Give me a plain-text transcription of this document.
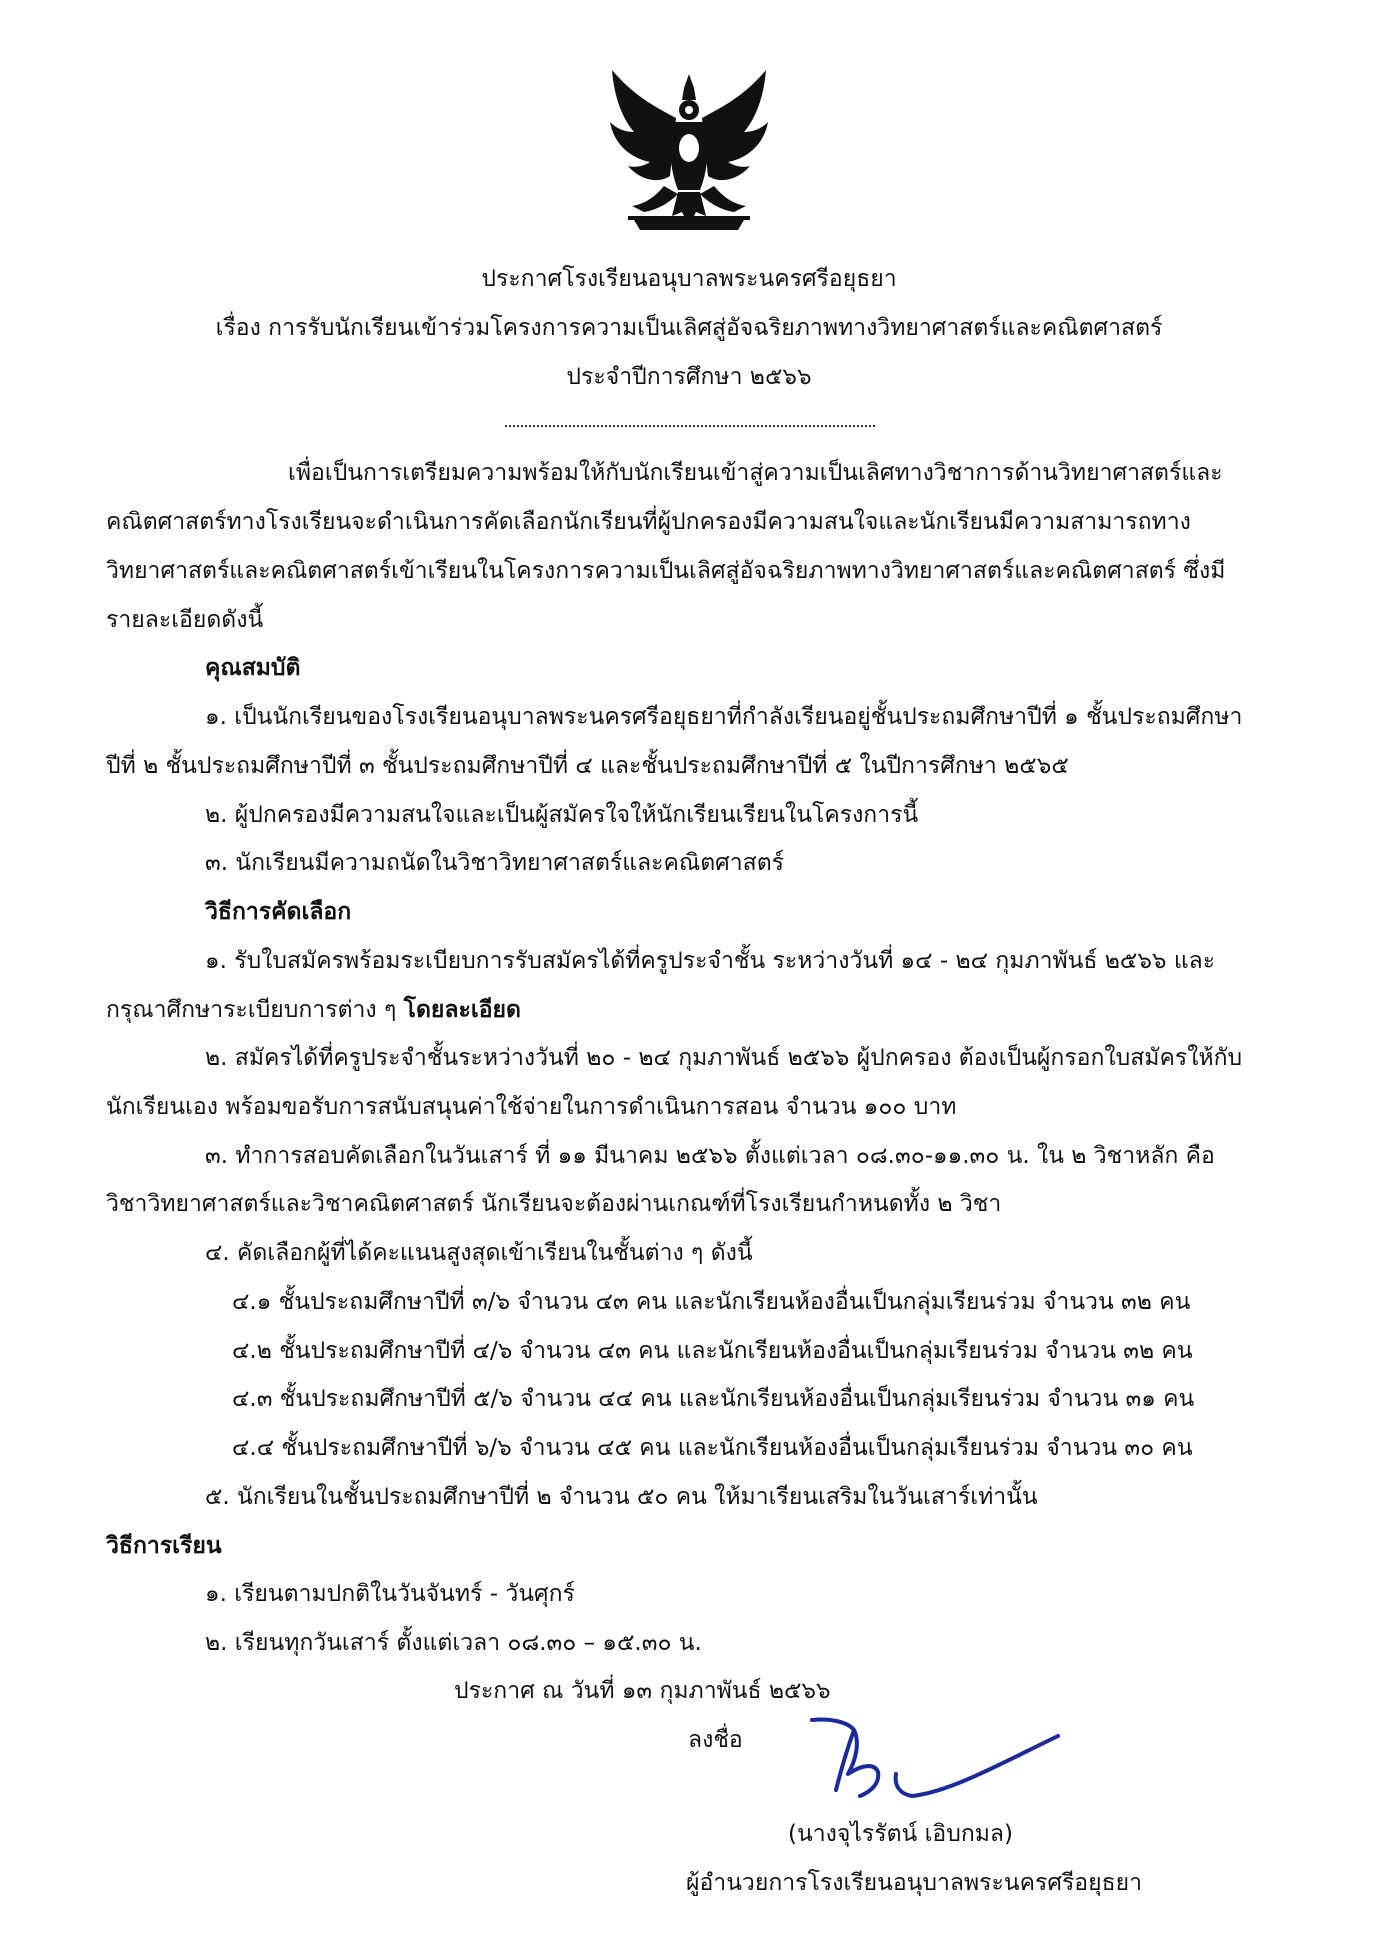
ประกาศโรงเรียนอนุบาลพระนครศรีอยุธยา
เรื่อง การรับนักเรียนเข้าร่วมโครงการความเป็นเลิศสู่อัจฉริยภาพทางวิทยาศาสตร์และคณิตศาสตร์
ประจำปีการศึกษา ๒๕๖๖
เพื่อเป็นการเตรียมความพร้อมให้กับนักเรียนเข้าสู่ความเป็นเลิศทางวิชาการด้านวิทยาศาสตร์และ
คณิตศาสตร์ทางโรงเรียนจะดำเนินการคัดเลือกนักเรียนที่ผู้ปกครองมีความสนใจและนักเรียนมีความสามารถทาง
วิทยาศาสตร์และคณิตศาสตร์เข้าเรียนในโครงการความเป็นเลิศสู่อัจฉริยภาพทางวิทยาศาสตร์และคณิตศาสตร์ ซึ่งมี
รายละเอียดดังนี้
คุณสมบัติ
๑. เป็นนักเรียนของโรงเรียนอนุบาลพระนครศรีอยุธยาที่กำลังเรียนอยู่ชั้นประถมศึกษาปีที่ ๑ ชั้นประถมศึกษา
ปีที่ ๒ ชั้นประถมศึกษาปีที่ ๓ ชั้นประถมศึกษาปีที่ ๔ และชั้นประถมศึกษาปีที่ ๕ ในปีการศึกษา ๒๕๖๕
๒. ผู้ปกครองมีความสนใจและเป็นผู้สมัครใจให้นักเรียนเรียนในโครงการนี้
๓. นักเรียนมีความถนัดในวิชาวิทยาศาสตร์และคณิตศาสตร์
วิธีการคัดเลือก
๑. รับใบสมัครพร้อมระเบียบการรับสมัครได้ที่ครูประจำชั้น ระหว่างวันที่ ๑๔ - ๒๔ กุมภาพันธ์ ๒๕๖๖ และ
กรุณาศึกษาระเบียบการต่าง ๆ โดยละเอียด
๒. สมัครได้ที่ครูประจำชั้นระหว่างวันที่ ๒๐ - ๒๔ กุมภาพันธ์ ๒๕๖๖ ผู้ปกครอง ต้องเป็นผู้กรอกใบสมัครให้กับ
นักเรียนเอง พร้อมขอรับการสนับสนุนค่าใช้จ่ายในการดำเนินการสอน จำนวน ๑๐๐ บาท
๓. ทำการสอบคัดเลือกในวันเสาร์ ที่ ๑๑ มีนาคม ๒๕๖๖ ตั้งแต่เวลา ๐๘.๓๐-๑๑.๓๐ น. ใน ๒ วิชาหลัก คือ
วิชาวิทยาศาสตร์และวิชาคณิตศาสตร์ นักเรียนจะต้องผ่านเกณฑ์ที่โรงเรียนกำหนดทั้ง ๒ วิชา
๔. คัดเลือกผู้ที่ได้คะแนนสูงสุดเข้าเรียนในชั้นต่าง ๆ ดังนี้
๔.๑ ชั้นประถมศึกษาปีที่ ๓/๖ จำนวน ๔๓ คน และนักเรียนห้องอื่นเป็นกลุ่มเรียนร่วม จำนวน ๓๒ คน
๔.๒ ชั้นประถมศึกษาปีที่ ๔/๖ จำนวน ๔๓ คน และนักเรียนห้องอื่นเป็นกลุ่มเรียนร่วม จำนวน ๓๒ คน
๔.๓ ชั้นประถมศึกษาปีที่ ๕/๖ จำนวน ๔๔ คน และนักเรียนห้องอื่นเป็นกลุ่มเรียนร่วม จำนวน ๓๑ คน
๔.๔ ชั้นประถมศึกษาปีที่ ๖/๖ จำนวน ๔๕ คน และนักเรียนห้องอื่นเป็นกลุ่มเรียนร่วม จำนวน ๓๐ คน
๕. นักเรียนในชั้นประถมศึกษาปีที่ ๒ จำนวน ๕๐ คน ให้มาเรียนเสริมในวันเสาร์เท่านั้น
วิธีการเรียน
๑. เรียนตามปกติในวันจันทร์ - วันศุกร์
๒. เรียนทุกวันเสาร์ ตั้งแต่เวลา ๐๘.๓๐ – ๑๕.๓๐ น.
ประกาศ ณ วันที่ ๑๓ กุมภาพันธ์ ๒๕๖๖
ลงชื่อ
(นางจุไรรัตน์ เอิบกมล)
ผู้อำนวยการโรงเรียนอนุบาลพระนครศรีอยุธยา
